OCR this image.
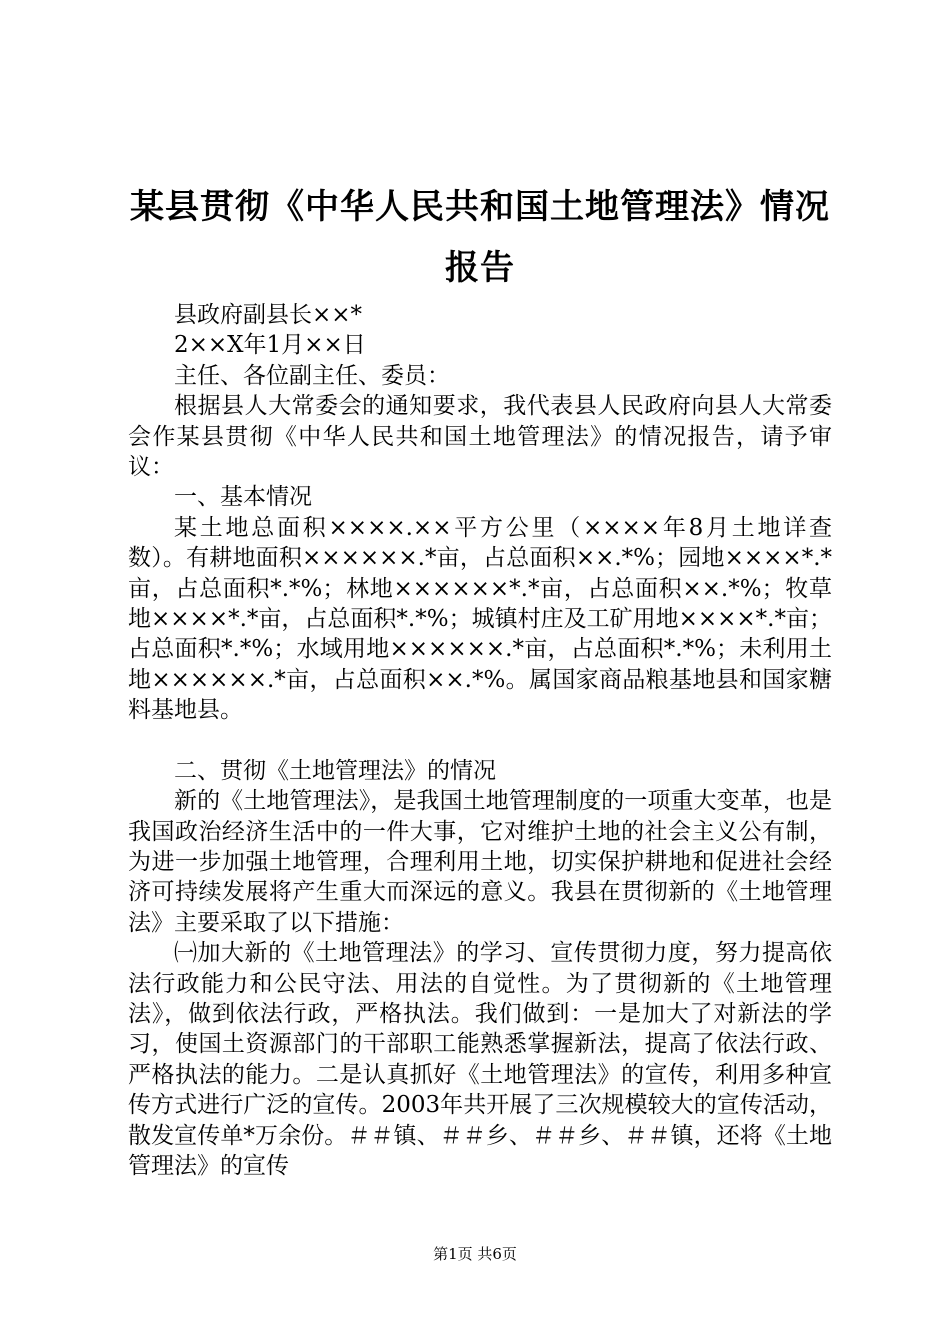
某县贯彻《中华人民共和国土地管理法》情况
报告

县政府副县长××*

2××X年1月××日

主任、各位副主任、委员：

根据县人大常委会的通知要求，我代表县人民政府向县人大常委会作某县贯彻《中华人民共和国土地管理法》的情况报告，请予审议：

一、基本情况

某土地总面积××××.××平方公里（××××年8月土地详查数）。有耕地面积××××××.*亩，占总面积××.*%；园地××××*.*亩，占总面积*.*%；林地××××××*.*亩，占总面积××.*%；牧草地××××*.*亩，占总面积*.*%；城镇村庄及工矿用地××××*.*亩；占总面积*.*%；水域用地××××××.*亩，占总面积*.*%；未利用土地××××××.*亩，占总面积××.*%。属国家商品粮基地县和国家糖料基地县。

二、贯彻《土地管理法》的情况

新的《土地管理法》，是我国土地管理制度的一项重大变革，也是我国政治经济生活中的一件大事，它对维护土地的社会主义公有制，为进一步加强土地管理，合理利用土地，切实保护耕地和促进社会经济可持续发展将产生重大而深远的意义。我县在贯彻新的《土地管理法》主要采取了以下措施：

㈠加大新的《土地管理法》的学习、宣传贯彻力度，努力提高依法行政能力和公民守法、用法的自觉性。为了贯彻新的《土地管理法》，做到依法行政，严格执法。我们做到：一是加大了对新法的学习，使国土资源部门的干部职工能熟悉掌握新法，提高了依法行政、严格执法的能力。二是认真抓好《土地管理法》的宣传，利用多种宣传方式进行广泛的宣传。2003年共开展了三次规模较大的宣传活动，散发宣传单*万余份。＃＃镇、＃＃乡、＃＃乡、＃＃镇，还将《土地管理法》的宣传

第1页 共6页
